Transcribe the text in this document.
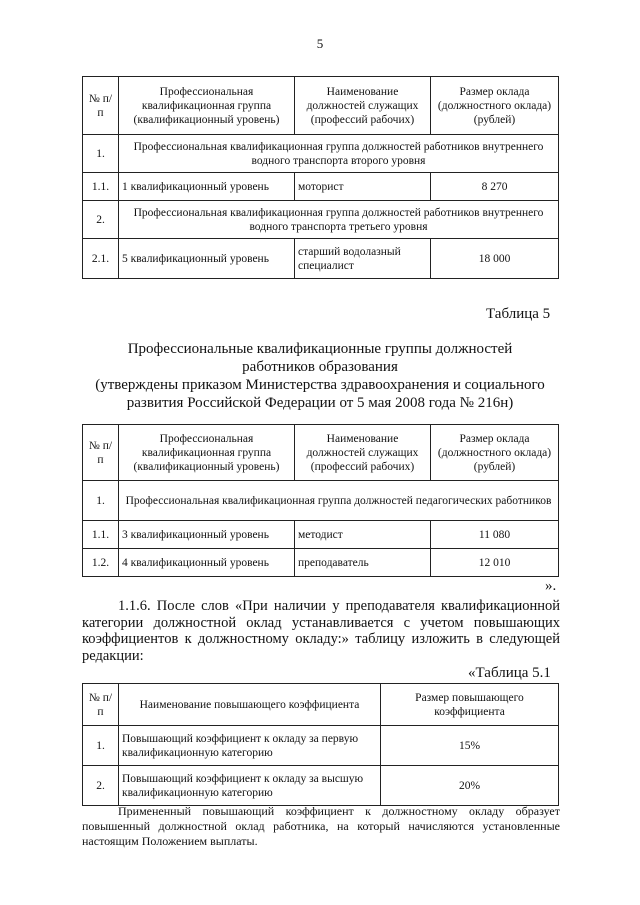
5
№ п/п	Профессиональная квалификационная группа (квалификационный уровень)	Наименование должностей служащих (профессий рабочих)	Размер оклада (должностного оклада) (рублей)
1.	Профессиональная квалификационная группа должностей работников внутреннего водного транспорта второго уровня		
1.1.	1 квалификационный уровень	моторист	8 270
2.	Профессиональная квалификационная группа должностей работников внутреннего водного транспорта третьего уровня		
2.1.	5 квалификационный уровень	старший водолазный специалист	18 000
Таблица 5
Профессиональные квалификационные группы должностей
работников образования
(утверждены приказом Министерства здравоохранения и социального
развития Российской Федерации от 5 мая 2008 года № 216н)
№ п/п	Профессиональная квалификационная группа (квалификационный уровень)	Наименование должностей служащих (профессий рабочих)	Размер оклада (должностного оклада) (рублей)
1.	Профессиональная квалификационная группа должностей педагогических работников		
1.1.	3 квалификационный уровень	методист	11 080
1.2.	4 квалификационный уровень	преподаватель	12 010
».
1.1.6. После слов «При наличии у преподавателя квалификационной категории должностной оклад устанавливается с учетом повышающих коэффициентов к должностному окладу:» таблицу изложить в следующей редакции:
«Таблица 5.1
№ п/п	Наименование повышающего коэффициента	Размер повышающего коэффициента
1.	Повышающий коэффициент к окладу за первую квалификационную категорию	15%
2.	Повышающий коэффициент к окладу за высшую квалификационную категорию	20%
Примененный повышающий коэффициент к должностному окладу образует повышенный должностной оклад работника, на который начисляются установленные настоящим Положением выплаты.
